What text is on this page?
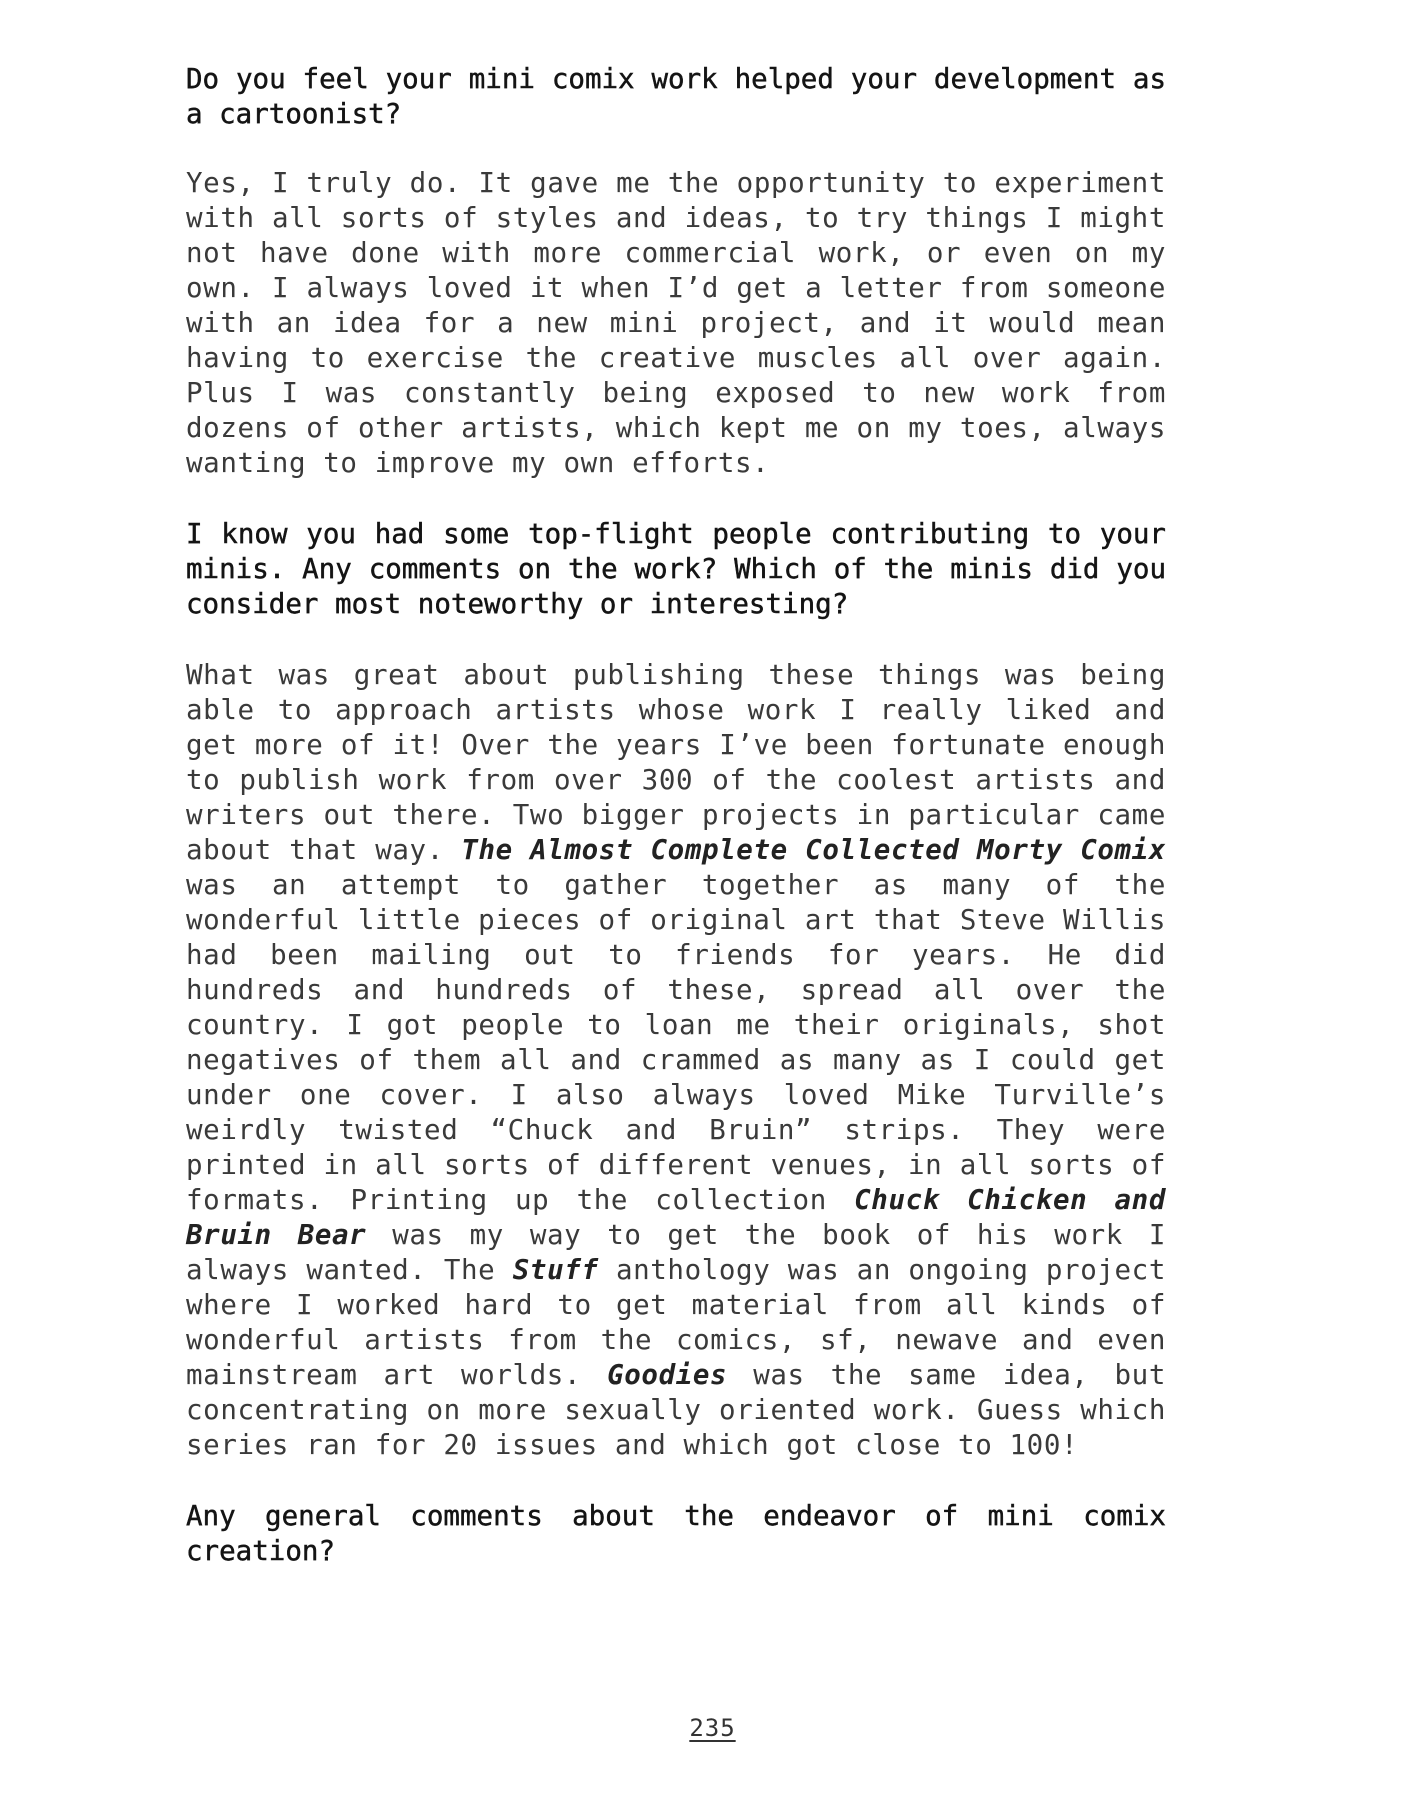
Do you feel your mini comix work helped your development as a cartoonist?

Yes, I truly do. It gave me the opportunity to experiment with all sorts of styles and ideas, to try things I might not have done with more commercial work, or even on my own. I always loved it when I’d get a letter from someone with an idea for a new mini project, and it would mean having to exercise the creative muscles all over again. Plus I was constantly being exposed to new work from dozens of other artists, which kept me on my toes, always wanting to improve my own efforts.

I know you had some top-flight people contributing to your minis. Any comments on the work? Which of the minis did you consider most noteworthy or interesting?

What was great about publishing these things was being able to approach artists whose work I really liked and get more of it! Over the years I’ve been fortunate enough to publish work from over 300 of the coolest artists and writers out there. Two bigger projects in particular came about that way. The Almost Complete Collected Morty Comix was an attempt to gather together as many of the wonderful little pieces of original art that Steve Willis had been mailing out to friends for years. He did hundreds and hundreds of these, spread all over the country. I got people to loan me their originals, shot negatives of them all and crammed as many as I could get under one cover. I also always loved Mike Turville’s weirdly twisted “Chuck and Bruin” strips. They were printed in all sorts of different venues, in all sorts of formats. Printing up the collection Chuck Chicken and Bruin Bear was my way to get the book of his work I always wanted. The Stuff anthology was an ongoing project where I worked hard to get material from all kinds of wonderful artists from the comics, sf, newave and even mainstream art worlds. Goodies was the same idea, but concentrating on more sexually oriented work. Guess which series ran for 20 issues and which got close to 100!

Any general comments about the endeavor of mini comix creation?

235
